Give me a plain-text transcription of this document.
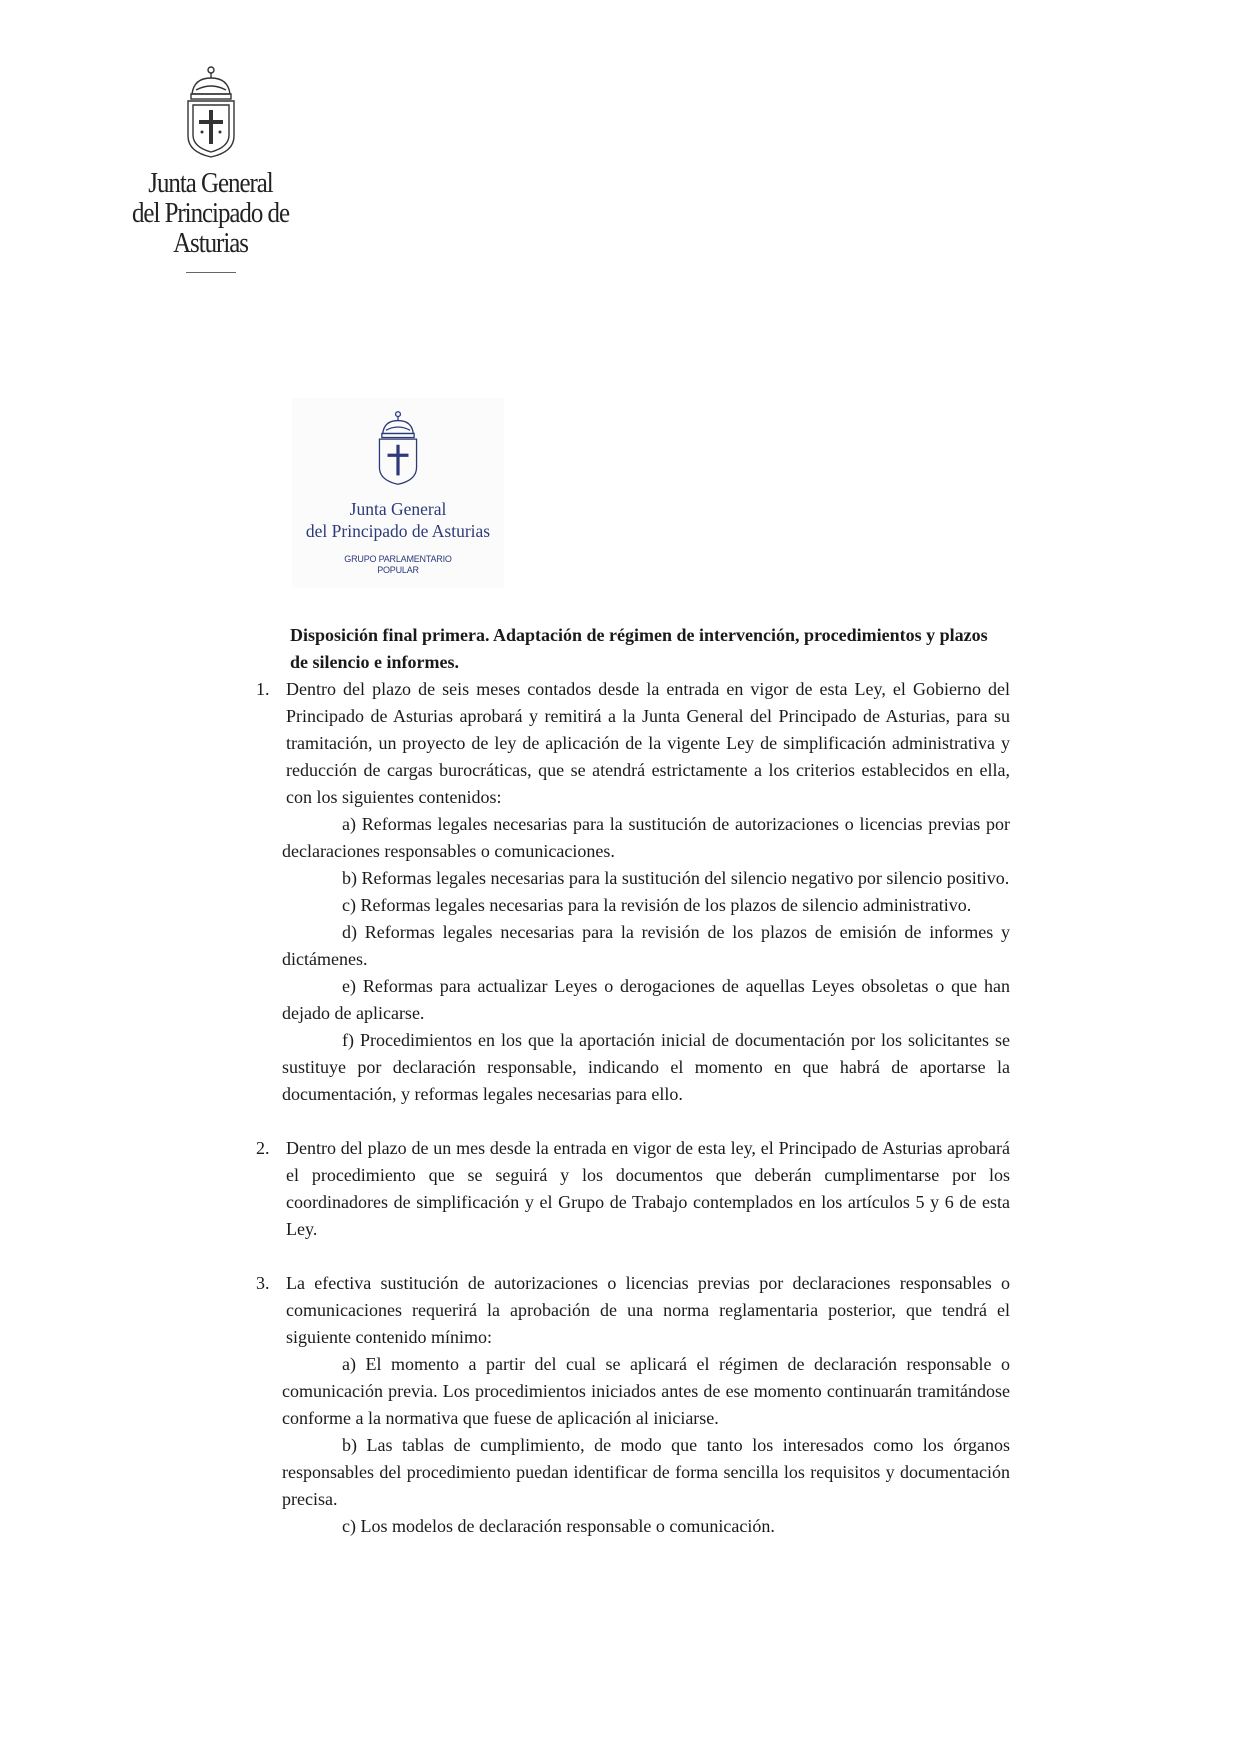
Junta General
del Principado de Asturias
Junta General
del Principado de Asturias
GRUPO PARLAMENTARIO
POPULAR
Disposición final primera. Adaptación de régimen de intervención, procedimientos y plazos de silencio e informes.
1. Dentro del plazo de seis meses contados desde la entrada en vigor de esta Ley, el Gobierno del Principado de Asturias aprobará y remitirá a la Junta General del Principado de Asturias, para su tramitación, un proyecto de ley de aplicación de la vigente Ley de simplificación administrativa y reducción de cargas burocráticas, que se atendrá estrictamente a los criterios establecidos en ella, con los siguientes contenidos:
a) Reformas legales necesarias para la sustitución de autorizaciones o licencias previas por declaraciones responsables o comunicaciones.
b) Reformas legales necesarias para la sustitución del silencio negativo por silencio positivo.
c) Reformas legales necesarias para la revisión de los plazos de silencio administrativo.
d) Reformas legales necesarias para la revisión de los plazos de emisión de informes y dictámenes.
e) Reformas para actualizar Leyes o derogaciones de aquellas Leyes obsoletas o que han dejado de aplicarse.
f) Procedimientos en los que la aportación inicial de documentación por los solicitantes se sustituye por declaración responsable, indicando el momento en que habrá de aportarse la documentación, y reformas legales necesarias para ello.
2. Dentro del plazo de un mes desde la entrada en vigor de esta ley, el Principado de Asturias aprobará el procedimiento que se seguirá y los documentos que deberán cumplimentarse por los coordinadores de simplificación y el Grupo de Trabajo contemplados en los artículos 5 y 6 de esta Ley.
3. La efectiva sustitución de autorizaciones o licencias previas por declaraciones responsables o comunicaciones requerirá la aprobación de una norma reglamentaria posterior, que tendrá el siguiente contenido mínimo:
a) El momento a partir del cual se aplicará el régimen de declaración responsable o comunicación previa. Los procedimientos iniciados antes de ese momento continuarán tramitándose conforme a la normativa que fuese de aplicación al iniciarse.
b) Las tablas de cumplimiento, de modo que tanto los interesados como los órganos responsables del procedimiento puedan identificar de forma sencilla los requisitos y documentación precisa.
c) Los modelos de declaración responsable o comunicación.
